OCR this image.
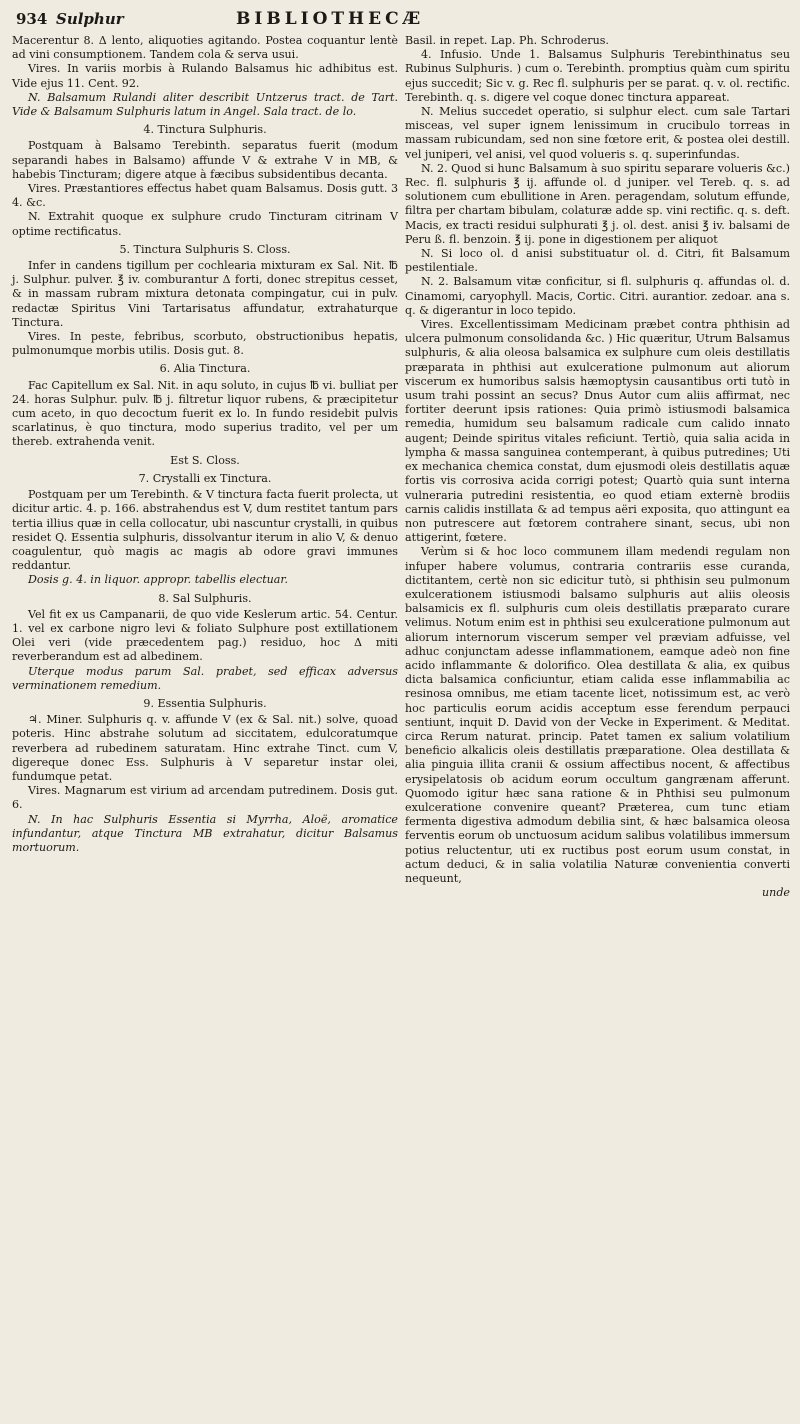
934 Sulphur	BIBLIOTHECÆ

Macerentur 8. Δ lento, aliquoties agitando. Postea coquantur lentè ad vini consumptionem. Tandem cola & serva usui.

Vires. In variis morbis à Rulando Balsamus hic adhibitus est. Vide ejus 11. Cent. 92.

N. Balsamum Rulandi aliter describit Untzerus tract. de Tart. Vide & Balsamum Sulphuris latum in Angel. Sala tract. de lo.

4. Tinctura Sulphuris.

Postquam à Balsamo Terebinth. separatus fuerit (modum separandi habes in Balsamo) affunde V & extrahe V in MB, & habebis Tincturam; digere atque à fæcibus subsidentibus decanta.

Vires. Præstantiores effectus habet quam Balsamus. Dosis gutt. 3 4. &c.

N. Extrahit quoque ex sulphure crudo Tincturam citrinam V optime rectificatus.

5. Tinctura Sulphuris S. Closs.

Infer in candens tigillum per cochlearia mixturam ex Sal. Nit. ℔ j. Sulphur. pulver. ℥ iv. comburantur Δ forti, donec strepitus cesset, & in massam rubram mixtura detonata compingatur, cui in pulv. redactæ Spiritus Vini Tartarisatus affundatur, extrahaturque Tinctura.

Vires. In peste, febribus, scorbuto, obstructionibus hepatis, pulmonumque morbis utilis. Dosis gut. 8.

6. Alia Tinctura.

Fac Capitellum ex Sal. Nit. in aqu soluto, in cujus ℔ vi. bulliat per 24. horas Sulphur. pulv. ℔ j. filtretur liquor rubens, & præcipitetur cum aceto, in quo decoctum fuerit ex lo. In fundo residebit pulvis scarlatinus, è quo tinctura, modo superius tradito, vel per um thereb. extrahenda venit.

Est S. Closs.

7. Crystalli ex Tinctura.

Postquam per um Terebinth. & V tinctura facta fuerit prolecta, ut dicitur artic. 4. p. 166. abstrahendus est V, dum restitet tantum pars tertia illius quæ in cella collocatur, ubi nascuntur crystalli, in quibus residet Q. Essentia sulphuris, dissolvantur iterum in alio V, & denuo coagulentur, quò magis ac magis ab odore gravi immunes reddantur.

Dosis g. 4. in liquor. appropr. tabellis electuar.

8. Sal Sulphuris.

Vel fit ex us Campanarii, de quo vide Keslerum artic. 54. Centur. 1. vel ex carbone nigro levi & foliato Sulphure post extillationem Olei veri (vide præcedentem pag.) residuo, hoc Δ miti reverberandum est ad albedinem.

Uterque modus parum Sal. prabet, sed efficax adversus verminationem remedium.

9. Essentia Sulphuris.

♃. Miner. Sulphuris q. v. affunde V (ex & Sal. nit.) solve, quoad poteris. Hinc abstrahe solutum ad siccitatem, edulcoratumque reverbera ad rubedinem saturatam. Hinc extrahe Tinct. cum V, digereque donec Ess. Sulphuris à V separetur instar olei, fundumque petat.

Vires. Magnarum est virium ad arcendam putredinem. Dosis gut. 6.

N. In hac Sulphuris Essentia si Myrrha, Aloë, aromatice infundantur, atque Tinctura MB extrahatur, dicitur Balsamus mortuorum.

Basil. in repet. Lap. Ph. Schroderus.

4. Infusio. Unde 1. Balsamus Sulphuris Terebinthinatus seu Rubinus Sulphuris. ) cum o. Terebinth. promptius quàm cum spiritu ejus succedit; Sic v. g. Rec fl. sulphuris per se parat. q. v. ol. rectific. Terebinth. q. s. digere vel coque donec tinctura appareat.

N. Melius succedet operatio, si sulphur elect. cum sale Tartari misceas, vel super ignem lenissimum in crucibulo torreas in massam rubicundam, sed non sine fœtore erit, & postea olei destill. vel juniperi, vel anisi, vel quod volueris s. q. superinfundas.

N. 2. Quod si hunc Balsamum à suo spiritu separare volueris &c.) Rec. fl. sulphuris ℥ ij. affunde ol. d juniper. vel Tereb. q. s. ad solutionem cum ebullitione in Aren. peragendam, solutum effunde, filtra per chartam bibulam, colaturæ adde sp. vini rectific. q. s. deft. Macis, ex tracti residui sulphurati ℥ j. ol. dest. anisi ℥ iv. balsami de Peru ß. fl. benzoin. ℥ ij. pone in digestionem per aliquot

N. Si loco ol. d anisi substituatur ol. d. Citri, fit Balsamum pestilentiale.

N. 2. Balsamum vitæ conficitur, si fl. sulphuris q. affundas ol. d. Cinamomi, caryophyll. Macis, Cortic. Citri. aurantior. zedoar. ana s. q. & digerantur in loco tepido.

Vires. Excellentissimam Medicinam præbet contra phthisin ad ulcera pulmonum consolidanda &c. ) Hic quæritur, Utrum Balsamus sulphuris, & alia oleosa balsamica ex sulphure cum oleis destillatis præparata in phthisi aut exulceratione pulmonum aut aliorum viscerum ex humoribus salsis hæmoptysin causantibus orti tutò in usum trahi possint an secus? Dnus Autor cum aliis affirmat, nec fortiter deerunt ipsis rationes: Quia primò istiusmodi balsamica remedia, humidum seu balsamum radicale cum calido innato augent; Deinde spiritus vitales reficiunt. Tertiò, quia salia acida in lympha & massa sanguinea contemperant, à quibus putredines; Uti ex mechanica chemica constat, dum ejusmodi oleis destillatis aquæ fortis vis corrosiva acida corrigi potest; Quartò quia sunt interna vulneraria putredini resistentia, eo quod etiam externè brodiis carnis calidis instillata & ad tempus aëri exposita, quo attingunt ea non putrescere aut fœtorem contrahere sinant, secus, ubi non attigerint, fœtere.

Verùm si & hoc loco communem illam medendi regulam non infuper habere volumus, contraria contrariis esse curanda, dictitantem, certè non sic edicitur tutò, si phthisin seu pulmonum exulcerationem istiusmodi balsamo sulphuris aut aliis oleosis balsamicis ex fl. sulphuris cum oleis destillatis præparato curare velimus. Notum enim est in phthisi seu exulceratione pulmonum aut aliorum internorum viscerum semper vel præviam adfuisse, vel adhuc conjunctam adesse inflammationem, eamque adeò non fine acido inflammante & dolorifico. Olea destillata & alia, ex quibus dicta balsamica conficiuntur, etiam calida esse inflammabilia ac resinosa omnibus, me etiam tacente licet, notissimum est, ac verò hoc particulis eorum acidis acceptum esse ferendum perpauci sentiunt, inquit D. David von der Vecke in Experiment. & Meditat. circa Rerum naturat. princip. Patet tamen ex salium volatilium beneficio alkalicis oleis destillatis præparatione. Olea destillata & alia pinguia illita cranii & ossium affectibus nocent, & affectibus erysipelatosis ob acidum eorum occultum gangrænam afferunt. Quomodo igitur hæc sana ratione & in Phthisi seu pulmonum exulceratione convenire queant? Præterea, cum tunc etiam fermenta digestiva admodum debilia sint, & hæc balsamica oleosa ferventis eorum ob unctuosum acidum salibus volatilibus immersum potius reluctentur, uti ex ructibus post eorum usum constat, in actum deduci, & in salia volatilia Naturæ convenientia converti nequeunt,

unde
